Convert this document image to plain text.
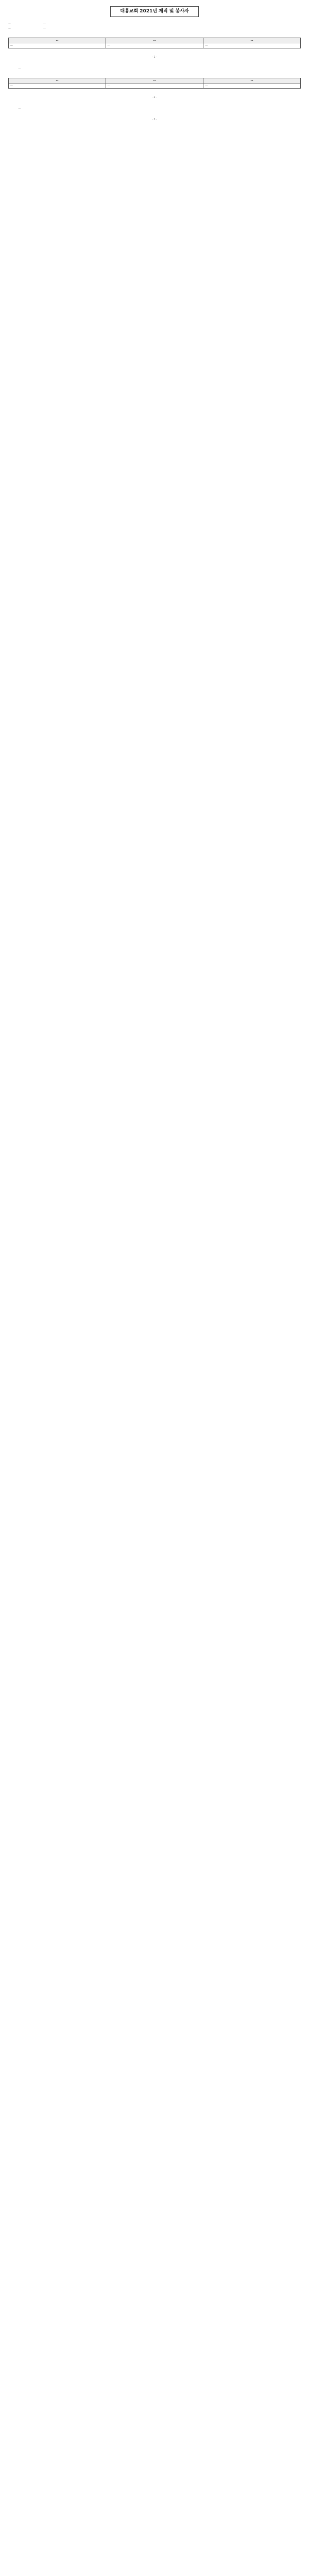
대홍교회 2021년 제직 및 봉사자
…	…
…	…
…	…	…
…	…	…
- 1 -

…

…	…	…
…	…	…
- 2 -

…

- 3 -
